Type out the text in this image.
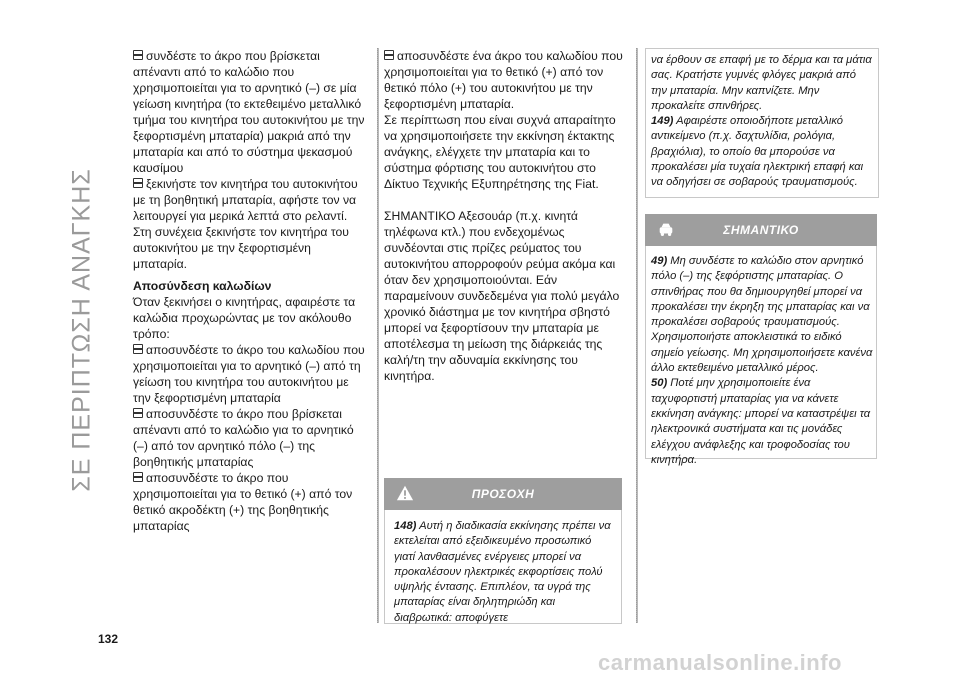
ΣΕ ΠΕΡΙΠΤΩΣΗ ΑΝΑΓΚΗΣ
132
carmanualsonline.info

συνδέστε το άκρο που βρίσκεται απέναντι από το καλώδιο που χρησιμοποιείται για το αρνητικό (–) σε μία γείωση κινητήρα (το εκτεθειμένο μεταλλικό τμήμα του κινητήρα του αυτοκινήτου με την ξεφορτισμένη μπαταρία) μακριά από την μπαταρία και από το σύστημα ψεκασμού καυσίμου

ξεκινήστε τον κινητήρα του αυτοκινήτου με τη βοηθητική μπαταρία, αφήστε τον να λειτουργεί για μερικά λεπτά στο ρελαντί. Στη συνέχεια ξεκινήστε τον κινητήρα του αυτοκινήτου με την ξεφορτισμένη μπαταρία.

Αποσύνδεση καλωδίων

Όταν ξεκινήσει ο κινητήρας, αφαιρέστε τα καλώδια προχωρώντας με τον ακόλουθο τρόπο:

αποσυνδέστε το άκρο του καλωδίου που χρησιμοποιείται για το αρνητικό (–) από τη γείωση του κινητήρα του αυτοκινήτου με την ξεφορτισμένη μπαταρία

αποσυνδέστε το άκρο που βρίσκεται απέναντι από το καλώδιο για το αρνητικό (–) από τον αρνητικό πόλο (–) της βοηθητικής μπαταρίας

αποσυνδέστε το άκρο που χρησιμοποιείται για το θετικό (+) από τον θετικό ακροδέκτη (+) της βοηθητικής μπαταρίας

αποσυνδέστε ένα άκρο του καλωδίου που χρησιμοποιείται για το θετικό (+) από τον θετικό πόλο (+) του αυτοκινήτου με την ξεφορτισμένη μπαταρία.

Σε περίπτωση που είναι συχνά απαραίτητο να χρησιμοποιήσετε την εκκίνηση έκτακτης ανάγκης, ελέγχετε την μπαταρία και το σύστημα φόρτισης του αυτοκινήτου στο Δίκτυο Τεχνικής Εξυπηρέτησης της Fiat.

ΣΗΜΑΝΤΙΚΟ Αξεσουάρ (π.χ. κινητά τηλέφωνα κτλ.) που ενδεχομένως συνδέονται στις πρίζες ρεύματος του αυτοκινήτου απορροφούν ρεύμα ακόμα και όταν δεν χρησιμοποιούνται. Εάν παραμείνουν συνδεδεμένα για πολύ μεγάλο χρονικό διάστημα με τον κινητήρα σβηστό μπορεί να ξεφορτίσουν την μπαταρία με αποτέλεσμα τη μείωση της διάρκειάς της καλή/τη την αδυναμία εκκίνησης του κινητήρα.

ΠΡΟΣΟΧΗ
148) Αυτή η διαδικασία εκκίνησης πρέπει να εκτελείται από εξειδικευμένο προσωπικό γιατί λανθασμένες ενέργειες μπορεί να προκαλέσουν ηλεκτρικές εκφορτίσεις πολύ υψηλής έντασης. Επιπλέον, τα υγρά της μπαταρίας είναι δηλητηριώδη και διαβρωτικά: αποφύγετε
να έρθουν σε επαφή με το δέρμα και τα μάτια σας. Κρατήστε γυμνές φλόγες μακριά από την μπαταρία. Μην καπνίζετε. Μην προκαλείτε σπινθήρες.
149) Αφαιρέστε οποιοδήποτε μεταλλικό αντικείμενο (π.χ. δαχτυλίδια, ρολόγια, βραχιόλια), το οποίο θα μπορούσε να προκαλέσει μία τυχαία ηλεκτρική επαφή και να οδηγήσει σε σοβαρούς τραυματισμούς.
ΣΗΜΑΝΤΙΚΟ
49) Μη συνδέστε το καλώδιο στον αρνητικό πόλο (–) της ξεφόρτιστης μπαταρίας. Ο σπινθήρας που θα δημιουργηθεί μπορεί να προκαλέσει την έκρηξη της μπαταρίας και να προκαλέσει σοβαρούς τραυματισμούς. Χρησιμοποιήστε αποκλειστικά το ειδικό σημείο γείωσης. Μη χρησιμοποιήσετε κανένα άλλο εκτεθειμένο μεταλλικό μέρος.
50) Ποτέ μην χρησιμοποιείτε ένα ταχυφορτιστή μπαταρίας για να κάνετε εκκίνηση ανάγκης: μπορεί να καταστρέψει τα ηλεκτρονικά συστήματα και τις μονάδες ελέγχου ανάφλεξης και τροφοδοσίας του κινητήρα.
